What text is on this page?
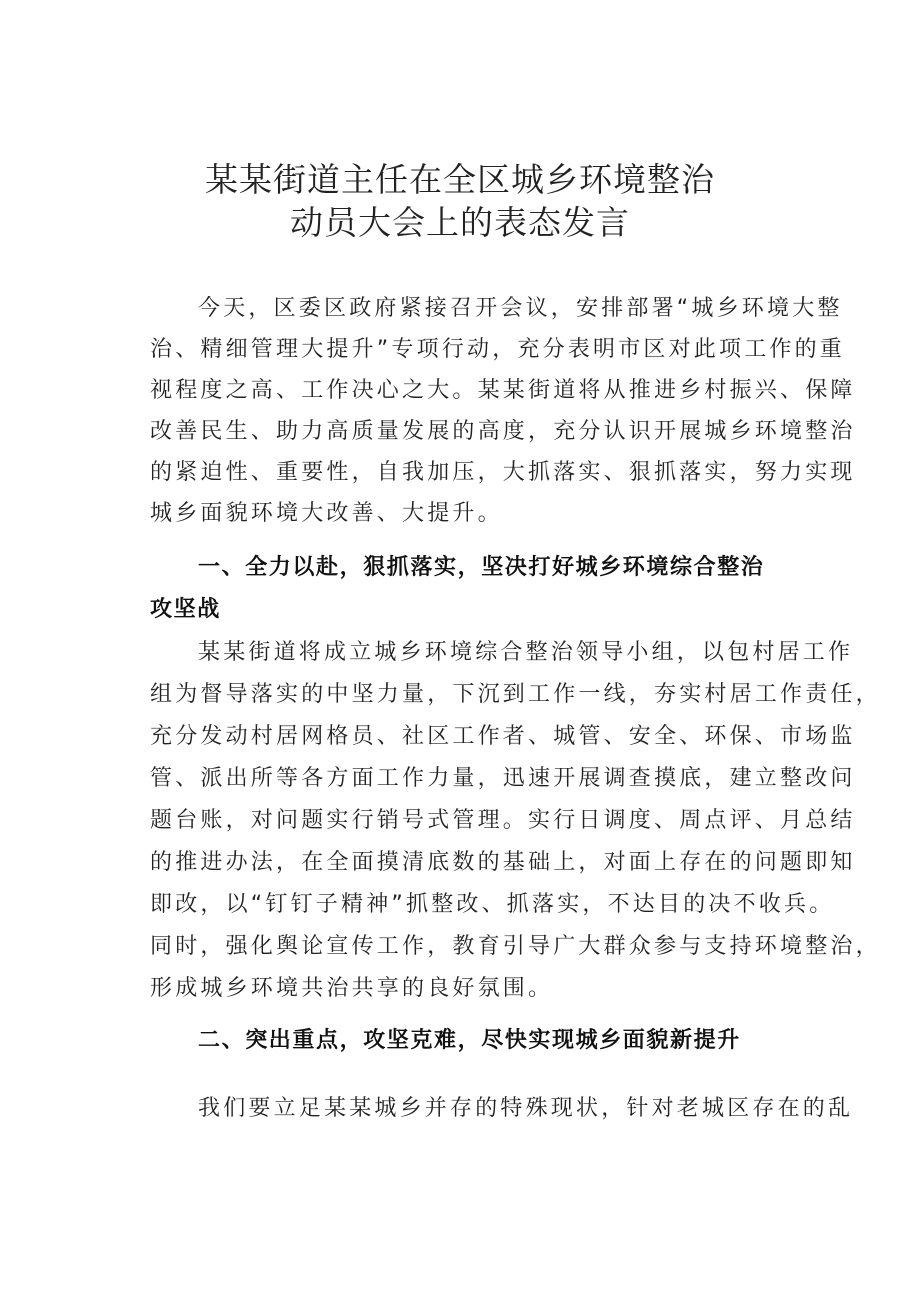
某某街道主任在全区城乡环境整治
动员大会上的表态发言
今天，区委区政府紧接召开会议，安排部署“城乡环境大整
治、精细管理大提升”专项行动，充分表明市区对此项工作的重
视程度之高、工作决心之大。某某街道将从推进乡村振兴、保障
改善民生、助力高质量发展的高度，充分认识开展城乡环境整治
的紧迫性、重要性，自我加压，大抓落实、狠抓落实，努力实现
城乡面貌环境大改善、大提升。
一、全力以赴，狠抓落实，坚决打好城乡环境综合整治
攻坚战
某某街道将成立城乡环境综合整治领导小组，以包村居工作
组为督导落实的中坚力量，下沉到工作一线，夯实村居工作责任，
充分发动村居网格员、社区工作者、城管、安全、环保、市场监
管、派出所等各方面工作力量，迅速开展调查摸底，建立整改问
题台账，对问题实行销号式管理。实行日调度、周点评、月总结
的推进办法，在全面摸清底数的基础上，对面上存在的问题即知
即改，以“钉钉子精神”抓整改、抓落实，不达目的决不收兵。
同时，强化舆论宣传工作，教育引导广大群众参与支持环境整治，
形成城乡环境共治共享的良好氛围。
二、突出重点，攻坚克难，尽快实现城乡面貌新提升
我们要立足某某城乡并存的特殊现状，针对老城区存在的乱
